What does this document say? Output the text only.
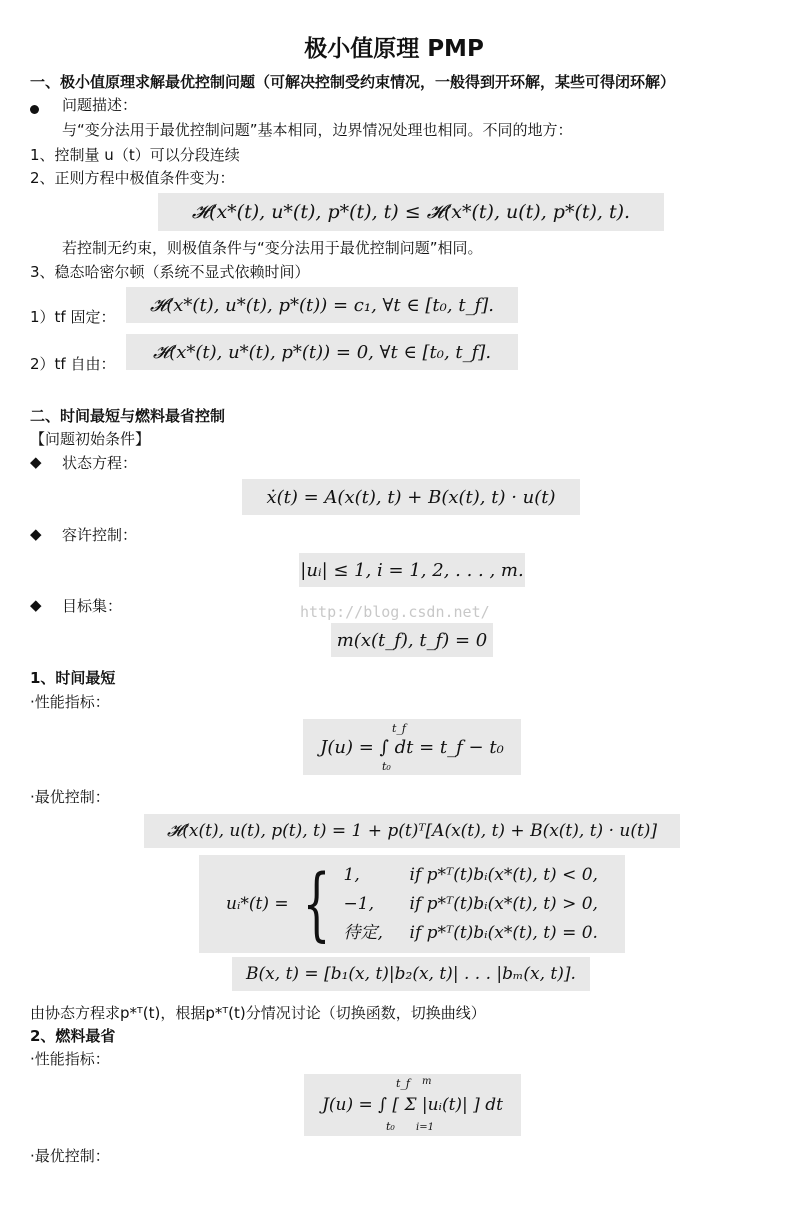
极小值原理 PMP
一、极小值原理求解最优控制问题（可解决控制受约束情况，一般得到开环解，某些可得闭环解）
问题描述：
与“变分法用于最优控制问题”基本相同，边界情况处理也相同。不同的地方：
1、控制量 u（t）可以分段连续
2、正则方程中极值条件变为：
𝓗(x*(t), u*(t), p*(t), t) ≤ 𝓗(x*(t), u(t), p*(t), t).
若控制无约束，则极值条件与“变分法用于最优控制问题”相同。
3、稳态哈密尔顿（系统不显式依赖时间）
1）tf 固定：
𝓗(x*(t), u*(t), p*(t)) = c₁, ∀t ∈ [t₀, t_f].
2）tf 自由：
𝓗(x*(t), u*(t), p*(t)) = 0, ∀t ∈ [t₀, t_f].
二、时间最短与燃料最省控制
【问题初始条件】
◆ 状态方程：
ẋ(t) = A(x(t), t) + B(x(t), t) · u(t)
◆ 容许控制：
|uᵢ| ≤ 1, i = 1, 2, . . . , m.
◆ 目标集：	http://blog.csdn.net/
m(x(t_f), t_f) = 0
1、时间最短
·性能指标：
J(u) = ∫ dt = t_f − t₀
·最优控制：
𝓗(x(t), u(t), p(t), t) = 1 + p(t)ᵀ[A(x(t), t) + B(x(t), t) · u(t)]
uᵢ*(t) = { 1,	if p*ᵀ(t)bᵢ(x*(t), t) < 0,
−1,	if p*ᵀ(t)bᵢ(x*(t), t) > 0,
待定,	if p*ᵀ(t)bᵢ(x*(t), t) = 0.
B(x, t) = [b₁(x, t)|b₂(x, t)| . . . |bₘ(x, t)].
由协态方程求p*ᵀ(t)，根据p*ᵀ(t)分情况讨论（切换函数，切换曲线）
2、燃料最省
·性能指标：
J(u) = ∫ [ Σ |uᵢ(t)| ] dt
·最优控制：
t_f
t₀
t_f
t₀
m
i=1
